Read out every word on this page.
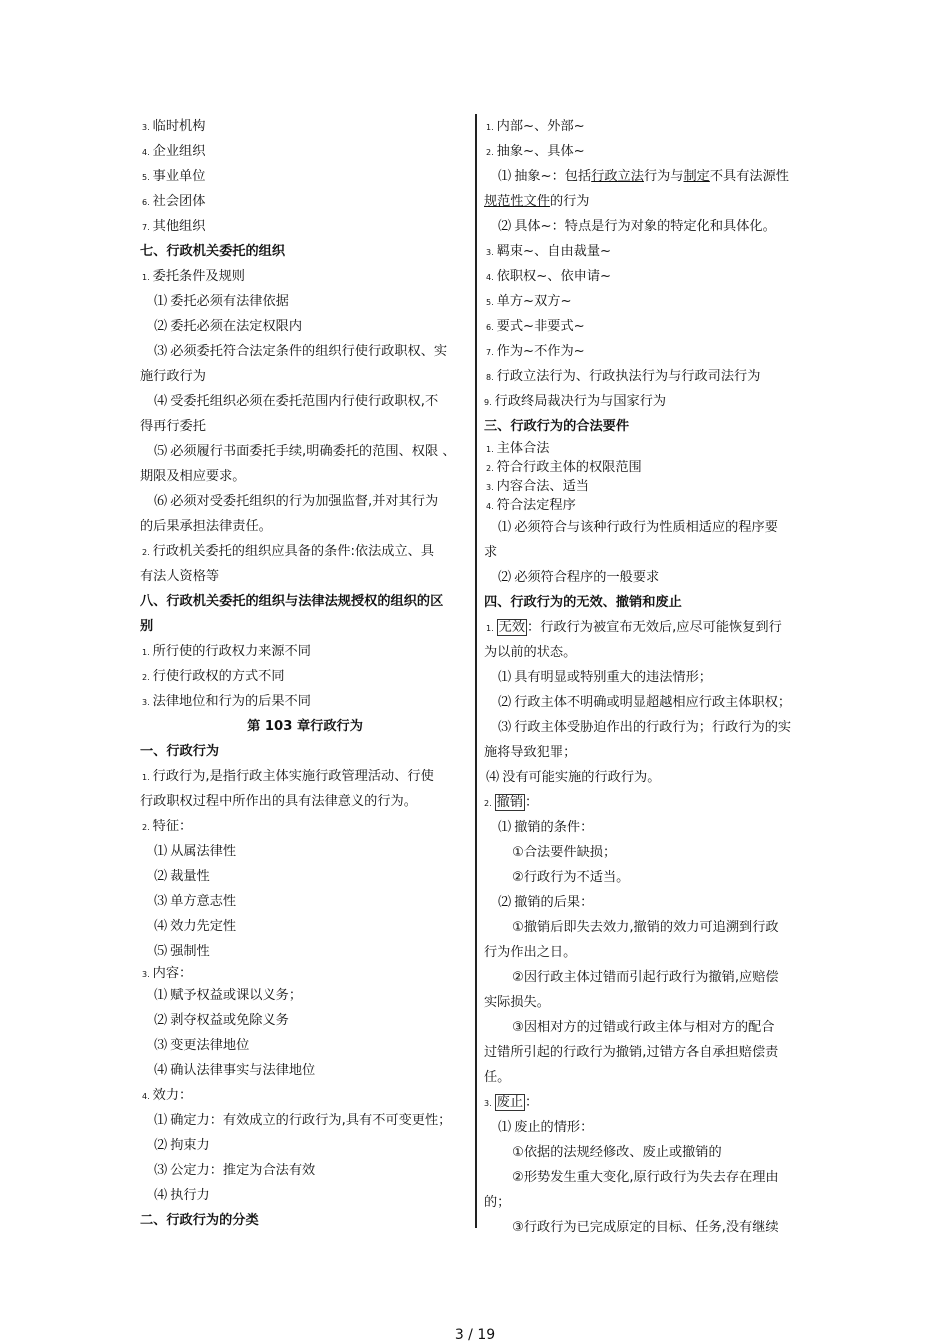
3. 临时机构
4. 企业组织
5. 事业单位
6. 社会团体
7. 其他组织
七、行政机关委托的组织
1. 委托条件及规则
⑴ 委托必须有法律依据
⑵ 委托必须在法定权限内
⑶ 必须委托符合法定条件的组织行使行政职权、实
施行政行为
⑷ 受委托组织必须在委托范围内行使行政职权,不
得再行委托
⑸ 必须履行书面委托手续,明确委托的范围、权限 、
期限及相应要求。
⑹ 必须对受委托组织的行为加强监督,并对其行为
的后果承担法律责任。
2. 行政机关委托的组织应具备的条件:依法成立、具
有法人资格等
八、行政机关委托的组织与法律法规授权的组织的区
别
1. 所行使的行政权力来源不同
2. 行使行政权的方式不同
3. 法律地位和行为的后果不同
第 103 章行政行为
一、行政行为
1. 行政行为,是指行政主体实施行政管理活动、行使
行政职权过程中所作出的具有法律意义的行为。
2. 特征：
⑴ 从属法律性
⑵ 裁量性
⑶ 单方意志性
⑷ 效力先定性
⑸ 强制性
3. 内容：
⑴ 赋予权益或课以义务；
⑵ 剥夺权益或免除义务
⑶ 变更法律地位
⑷ 确认法律事实与法律地位
4. 效力：
⑴ 确定力：有效成立的行政行为,具有不可变更性；
⑵ 拘束力
⑶ 公定力：推定为合法有效
⑷ 执行力
二、行政行为的分类
1. 内部~、外部~
2. 抽象~、具体~
⑴ 抽象~：包括行政立法行为与制定不具有法源性
规范性文件的行为
⑵ 具体~：特点是行为对象的特定化和具体化。
3. 羁束~、自由裁量~
4. 依职权~、依申请~
5. 单方~双方~
6. 要式~非要式~
7. 作为~不作为~
8. 行政立法行为、行政执法行为与行政司法行为
9. 行政终局裁决行为与国家行为
三、行政行为的合法要件
1. 主体合法
2. 符合行政主体的权限范围
3. 内容合法、适当
4. 符合法定程序
⑴ 必须符合与该种行政行为性质相适应的程序要
求
⑵ 必须符合程序的一般要求
四、行政行为的无效、撤销和废止
1. 无效 ：行政行为被宣布无效后,应尽可能恢复到行
为以前的状态。
⑴ 具有明显或特别重大的违法情形；
⑵ 行政主体不明确或明显超越相应行政主体职权；
⑶ 行政主体受胁迫作出的行政行为；行政行为的实
施将导致犯罪；
⑷ 没有可能实施的行政行为。
2. 撤销 ：
⑴ 撤销的条件：
①合法要件缺损；
②行政行为不适当。
⑵ 撤销的后果：
①撤销后即失去效力,撤销的效力可追溯到行政
行为作出之日。
②因行政主体过错而引起行政行为撤销,应赔偿
实际损失。
③因相对方的过错或行政主体与相对方的配合
过错所引起的行政行为撤销,过错方各自承担赔偿责
任。
3. 废止 ：
⑴ 废止的情形：
①依据的法规经修改、废止或撤销的
②形势发生重大变化,原行政行为失去存在理由
的；
③行政行为已完成原定的目标、任务,没有继续
3 / 19
